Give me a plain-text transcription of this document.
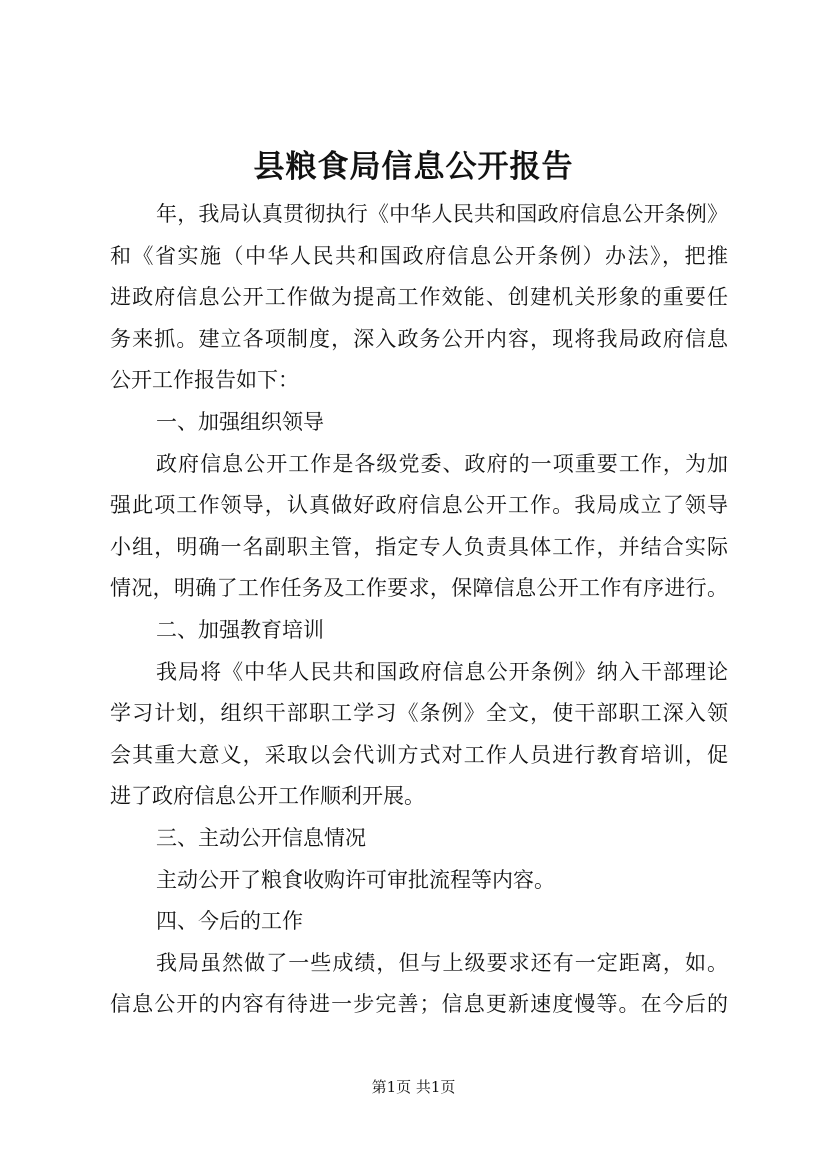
县粮食局信息公开报告
年，我局认真贯彻执行《中华人民共和国政府信息公开条例》
和《省实施（中华人民共和国政府信息公开条例）办法》，把推
进政府信息公开工作做为提高工作效能、创建机关形象的重要任
务来抓。建立各项制度，深入政务公开内容，现将我局政府信息
公开工作报告如下：
一、加强组织领导
政府信息公开工作是各级党委、政府的一项重要工作，为加
强此项工作领导，认真做好政府信息公开工作。我局成立了领导
小组，明确一名副职主管，指定专人负责具体工作，并结合实际
情况，明确了工作任务及工作要求，保障信息公开工作有序进行。
二、加强教育培训
我局将《中华人民共和国政府信息公开条例》纳入干部理论
学习计划，组织干部职工学习《条例》全文，使干部职工深入领
会其重大意义，采取以会代训方式对工作人员进行教育培训，促
进了政府信息公开工作顺利开展。
三、主动公开信息情况
主动公开了粮食收购许可审批流程等内容。
四、今后的工作
我局虽然做了一些成绩，但与上级要求还有一定距离，如。
信息公开的内容有待进一步完善；信息更新速度慢等。在今后的
第1页 共1页
